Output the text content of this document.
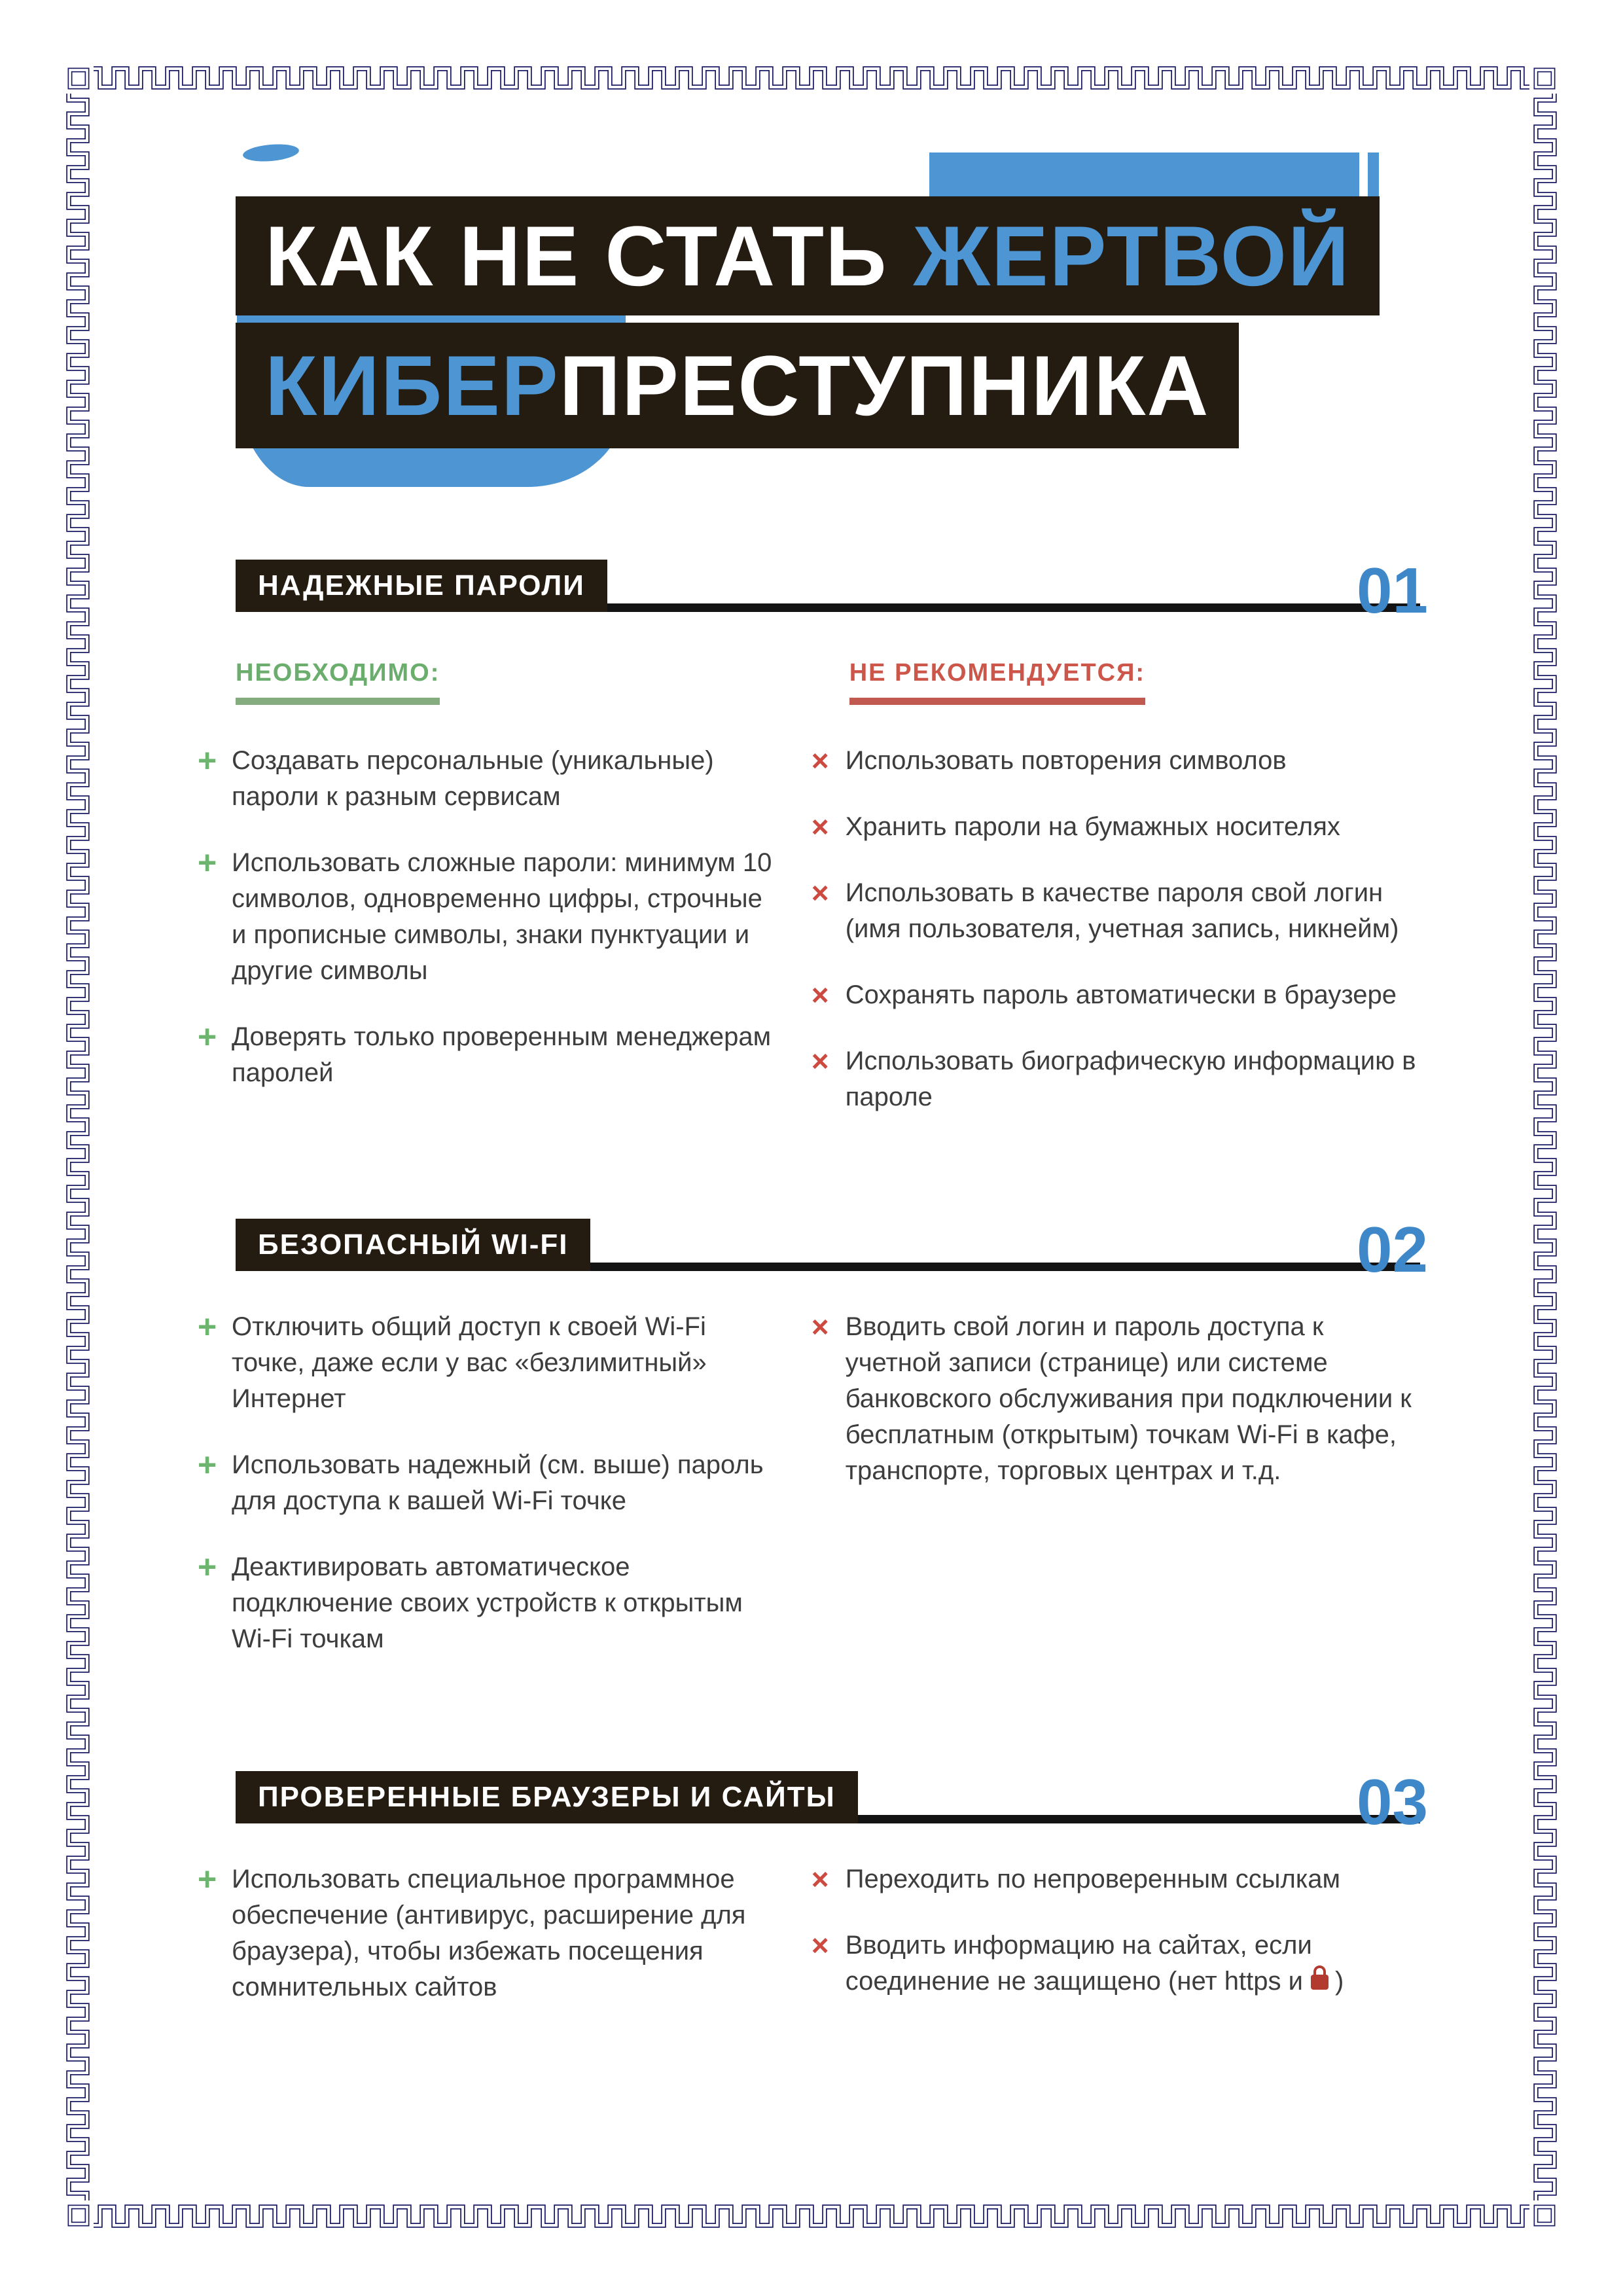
КАК НЕ СТАТЬ ЖЕРТВОЙ
КИБЕР ПРЕСТУПНИКА
НАДЕЖНЫЕ ПАРОЛИ	01
НЕОБХОДИМО:	НЕ РЕКОМЕНДУЕТСЯ:
+ Создавать персональные (уникальные) пароли к разным сервисам
+ Использовать сложные пароли: минимум 10 символов, одновременно цифры, строчные и прописные символы, знаки пунктуации и другие символы
+ Доверять только проверенным менеджерам паролей
× Использовать повторения символов
× Хранить пароли на бумажных носителях
× Использовать в качестве пароля свой логин (имя пользователя, учетная запись, никнейм)
× Сохранять пароль автоматически в браузере
× Использовать биографическую информацию в пароле
БЕЗОПАСНЫЙ WI-FI	02
+ Отключить общий доступ к своей Wi-Fi точке, даже если у вас «безлимитный» Интернет
+ Использовать надежный (см. выше) пароль для доступа к вашей Wi-Fi точке
+ Деактивировать автоматическое подключение своих устройств к открытым Wi-Fi точкам
× Вводить свой логин и пароль доступа к учетной записи (странице) или системе банковского обслуживания при подключении к бесплатным (открытым) точкам Wi-Fi в кафе, транспорте, торговых центрах и т.д.
ПРОВЕРЕННЫЕ БРАУЗЕРЫ И САЙТЫ	03
+ Использовать специальное программное обеспечение (антивирус, расширение для браузера), чтобы избежать посещения сомнительных сайтов
× Переходить по непроверенным ссылкам
× Вводить информацию на сайтах, если соединение не защищено (нет https и )
